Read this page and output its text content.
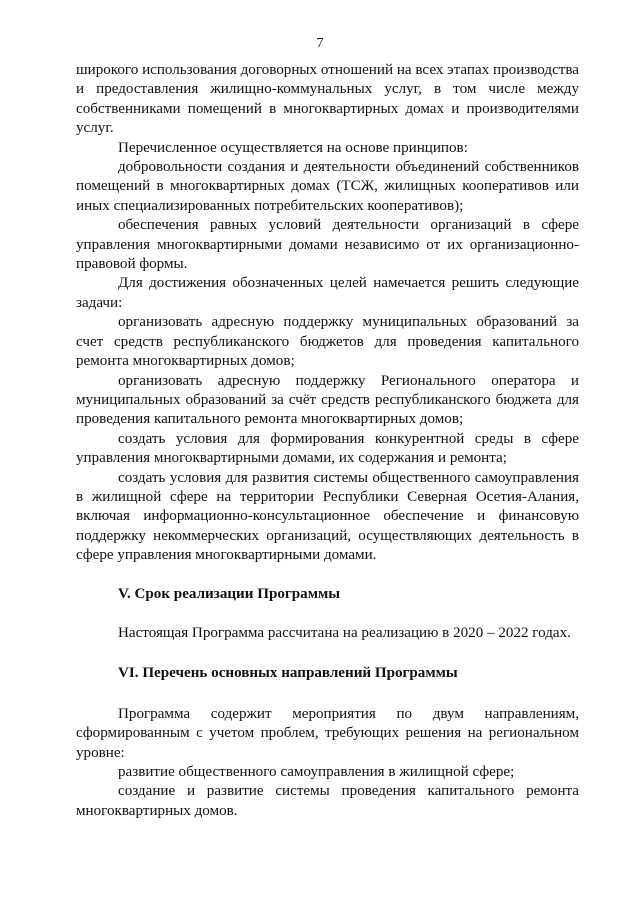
7

широкого использования договорных отношений на всех этапах производства и предоставления жилищно-коммунальных услуг, в том числе между собственниками помещений в многоквартирных домах и производителями услуг.

Перечисленное осуществляется на основе принципов:

добровольности создания и деятельности объединений собственников помещений в многоквартирных домах (ТСЖ, жилищных кооперативов или иных специализированных потребительских кооперативов);

обеспечения равных условий деятельности организаций в сфере управления многоквартирными домами независимо от их организационно-правовой формы.

Для достижения обозначенных целей намечается решить следующие задачи:

организовать адресную поддержку муниципальных образований за счет средств республиканского бюджетов для проведения капитального ремонта многоквартирных домов;

организовать адресную поддержку Регионального оператора и муниципальных образований за счёт средств республиканского бюджета для проведения капитального ремонта многоквартирных домов;

создать условия для формирования конкурентной среды в сфере управления многоквартирными домами, их содержания и ремонта;

создать условия для развития системы общественного самоуправления в жилищной сфере на территории Республики Северная Осетия-Алания, включая информационно-консультационное обеспечение и финансовую поддержку некоммерческих организаций, осуществляющих деятельность в сфере управления многоквартирными домами.

V. Срок реализации Программы

Настоящая Программа рассчитана на реализацию в 2020 – 2022 годах.

VI. Перечень основных направлений Программы

Программа содержит мероприятия по двум направлениям, сформированным с учетом проблем, требующих решения на региональном уровне:

развитие общественного самоуправления в жилищной сфере;

создание и развитие системы проведения капитального ремонта многоквартирных домов.
